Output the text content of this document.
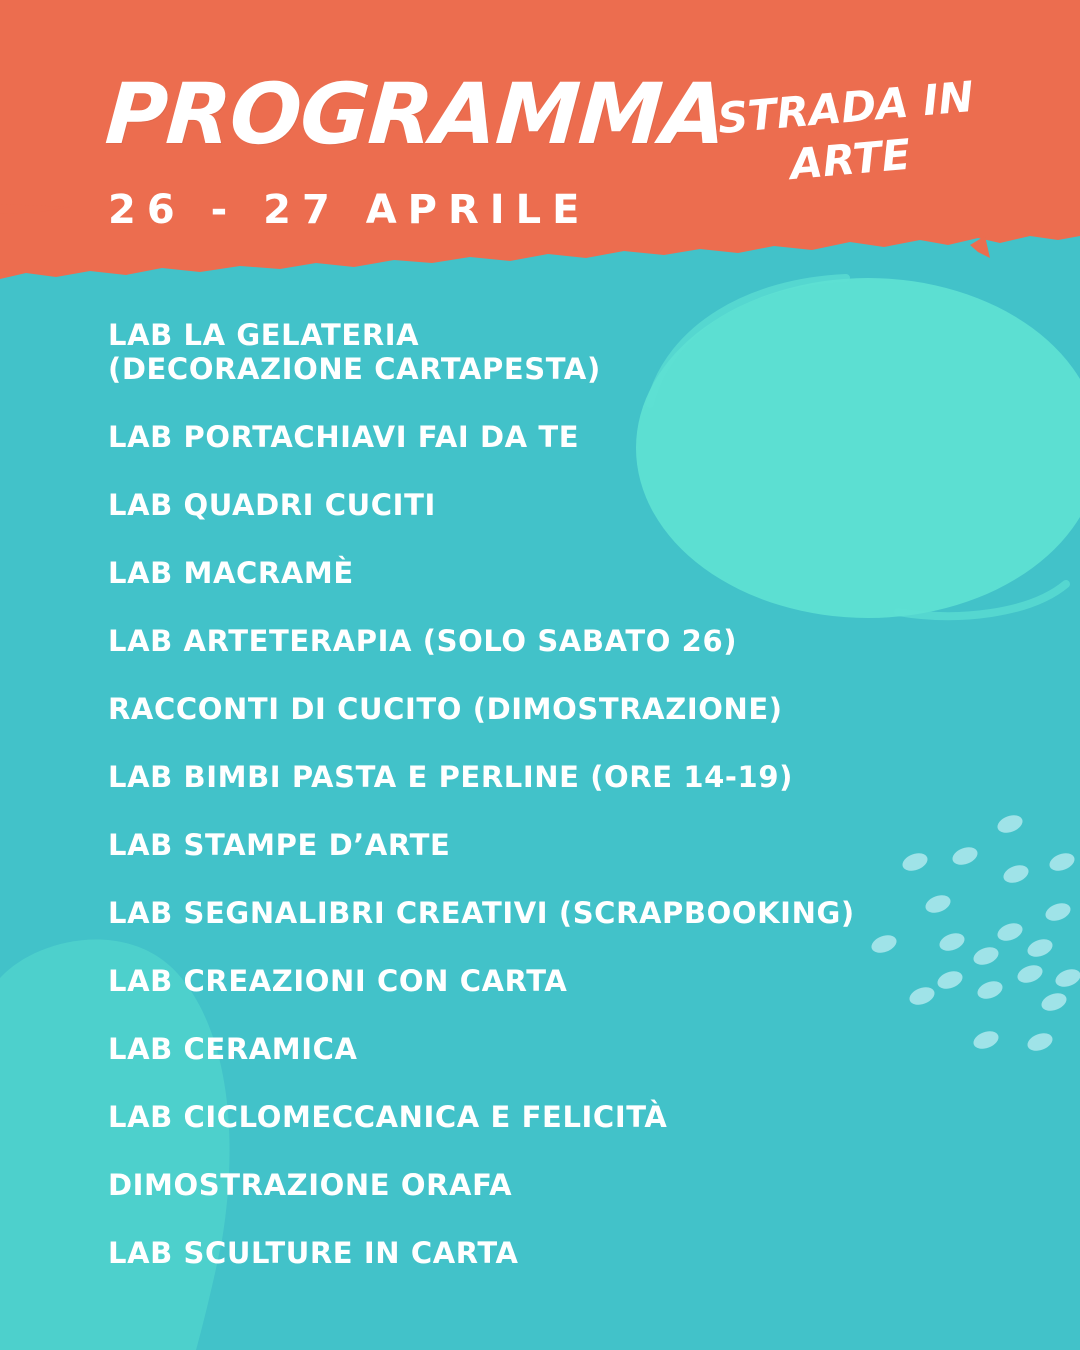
PROGRAMMA
26 - 27 APRILE
STRADA IN
ARTE
LAB LA GELATERIA
(DECORAZIONE CARTAPESTA)
LAB PORTACHIAVI FAI DA TE
LAB QUADRI CUCITI
LAB MACRAMÈ
LAB ARTETERAPIA (SOLO SABATO 26)
RACCONTI DI CUCITO (DIMOSTRAZIONE)
LAB BIMBI PASTA E PERLINE (ORE 14-19)
LAB STAMPE D’ARTE
LAB SEGNALIBRI CREATIVI (SCRAPBOOKING)
LAB CREAZIONI CON CARTA
LAB CERAMICA
LAB CICLOMECCANICA E FELICITÀ
DIMOSTRAZIONE ORAFA
LAB SCULTURE IN CARTA
